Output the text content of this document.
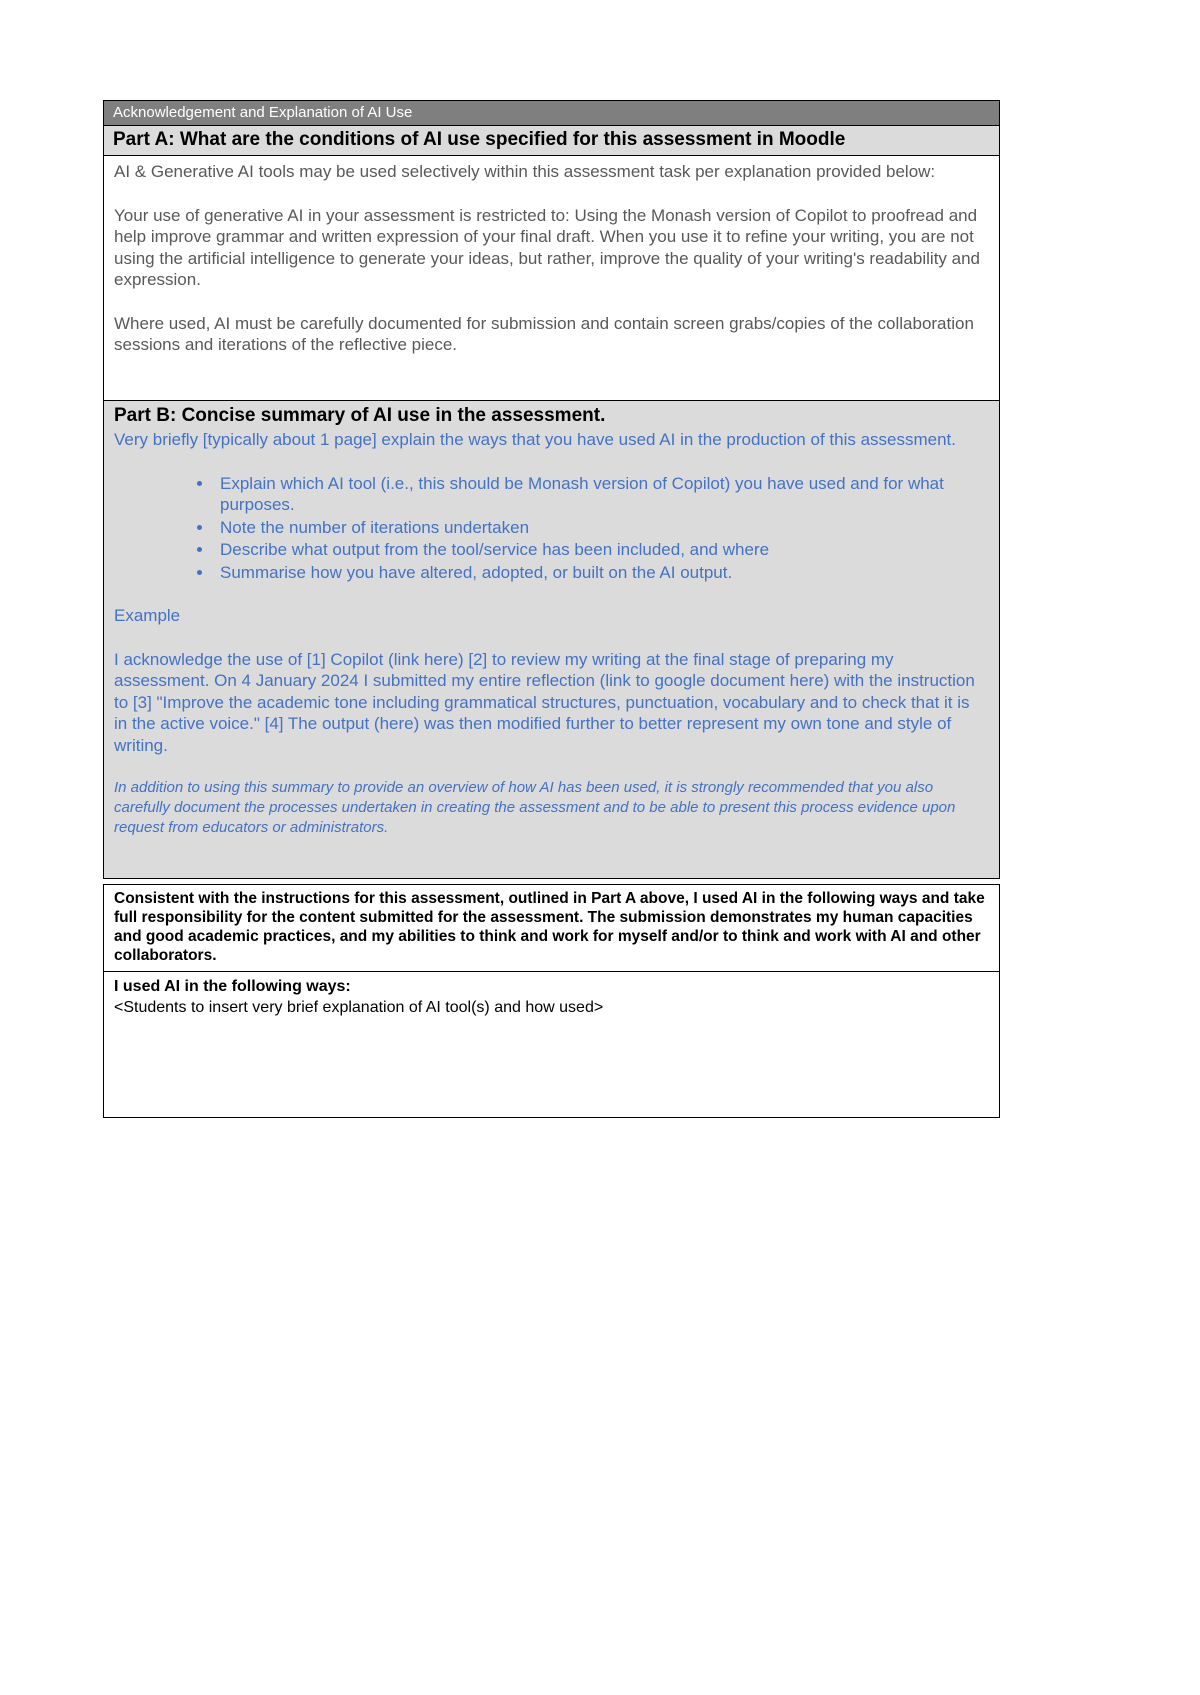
Acknowledgement and Explanation of AI Use
Part A: What are the conditions of AI use specified for this assessment in Moodle

AI & Generative AI tools may be used selectively within this assessment task per explanation provided below:

Your use of generative AI in your assessment is restricted to: Using the Monash version of Copilot to proofread and help improve grammar and written expression of your final draft. When you use it to refine your writing, you are not using the artificial intelligence to generate your ideas, but rather, improve the quality of your writing's readability and expression.

Where used, AI must be carefully documented for submission and contain screen grabs/copies of the collaboration sessions and iterations of the reflective piece.

Part B: Concise summary of AI use in the assessment.

Very briefly [typically about 1 page] explain the ways that you have used AI in the production of this assessment.

• Explain which AI tool (i.e., this should be Monash version of Copilot) you have used and for what purposes.
• Note the number of iterations undertaken
• Describe what output from the tool/service has been included, and where
• Summarise how you have altered, adopted, or built on the AI output.

Example

I acknowledge the use of [1] Copilot (link here) [2] to review my writing at the final stage of preparing my assessment. On 4 January 2024 I submitted my entire reflection (link to google document here) with the instruction to [3] "Improve the academic tone including grammatical structures, punctuation, vocabulary and to check that it is in the active voice." [4] The output (here) was then modified further to better represent my own tone and style of writing.

In addition to using this summary to provide an overview of how AI has been used, it is strongly recommended that you also carefully document the processes undertaken in creating the assessment and to be able to present this process evidence upon request from educators or administrators.

Consistent with the instructions for this assessment, outlined in Part A above, I used AI in the following ways and take full responsibility for the content submitted for the assessment. The submission demonstrates my human capacities and good academic practices, and my abilities to think and work for myself and/or to think and work with AI and other collaborators.
I used AI in the following ways:
<Students to insert very brief explanation of AI tool(s) and how used>
